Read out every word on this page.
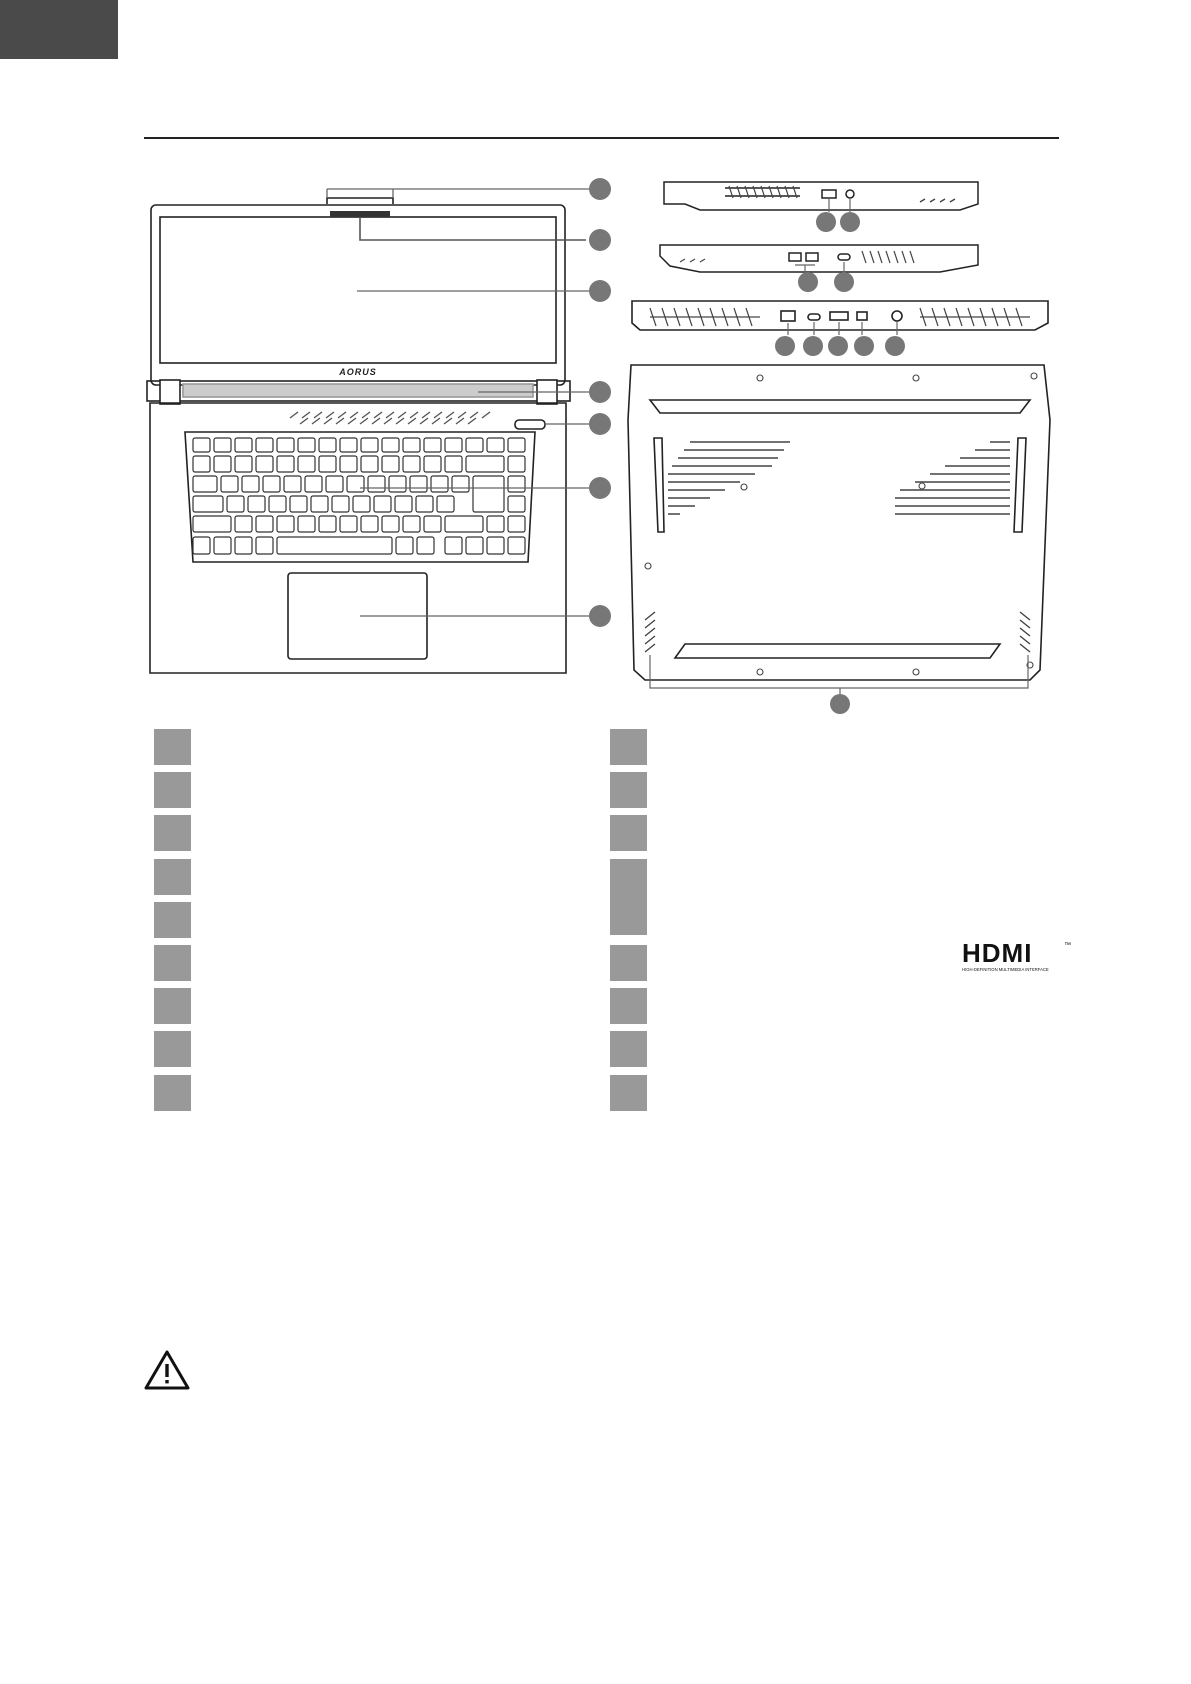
AORUS
HDMI	™
HIGH-DEFINITION MULTIMEDIA INTERFACE
